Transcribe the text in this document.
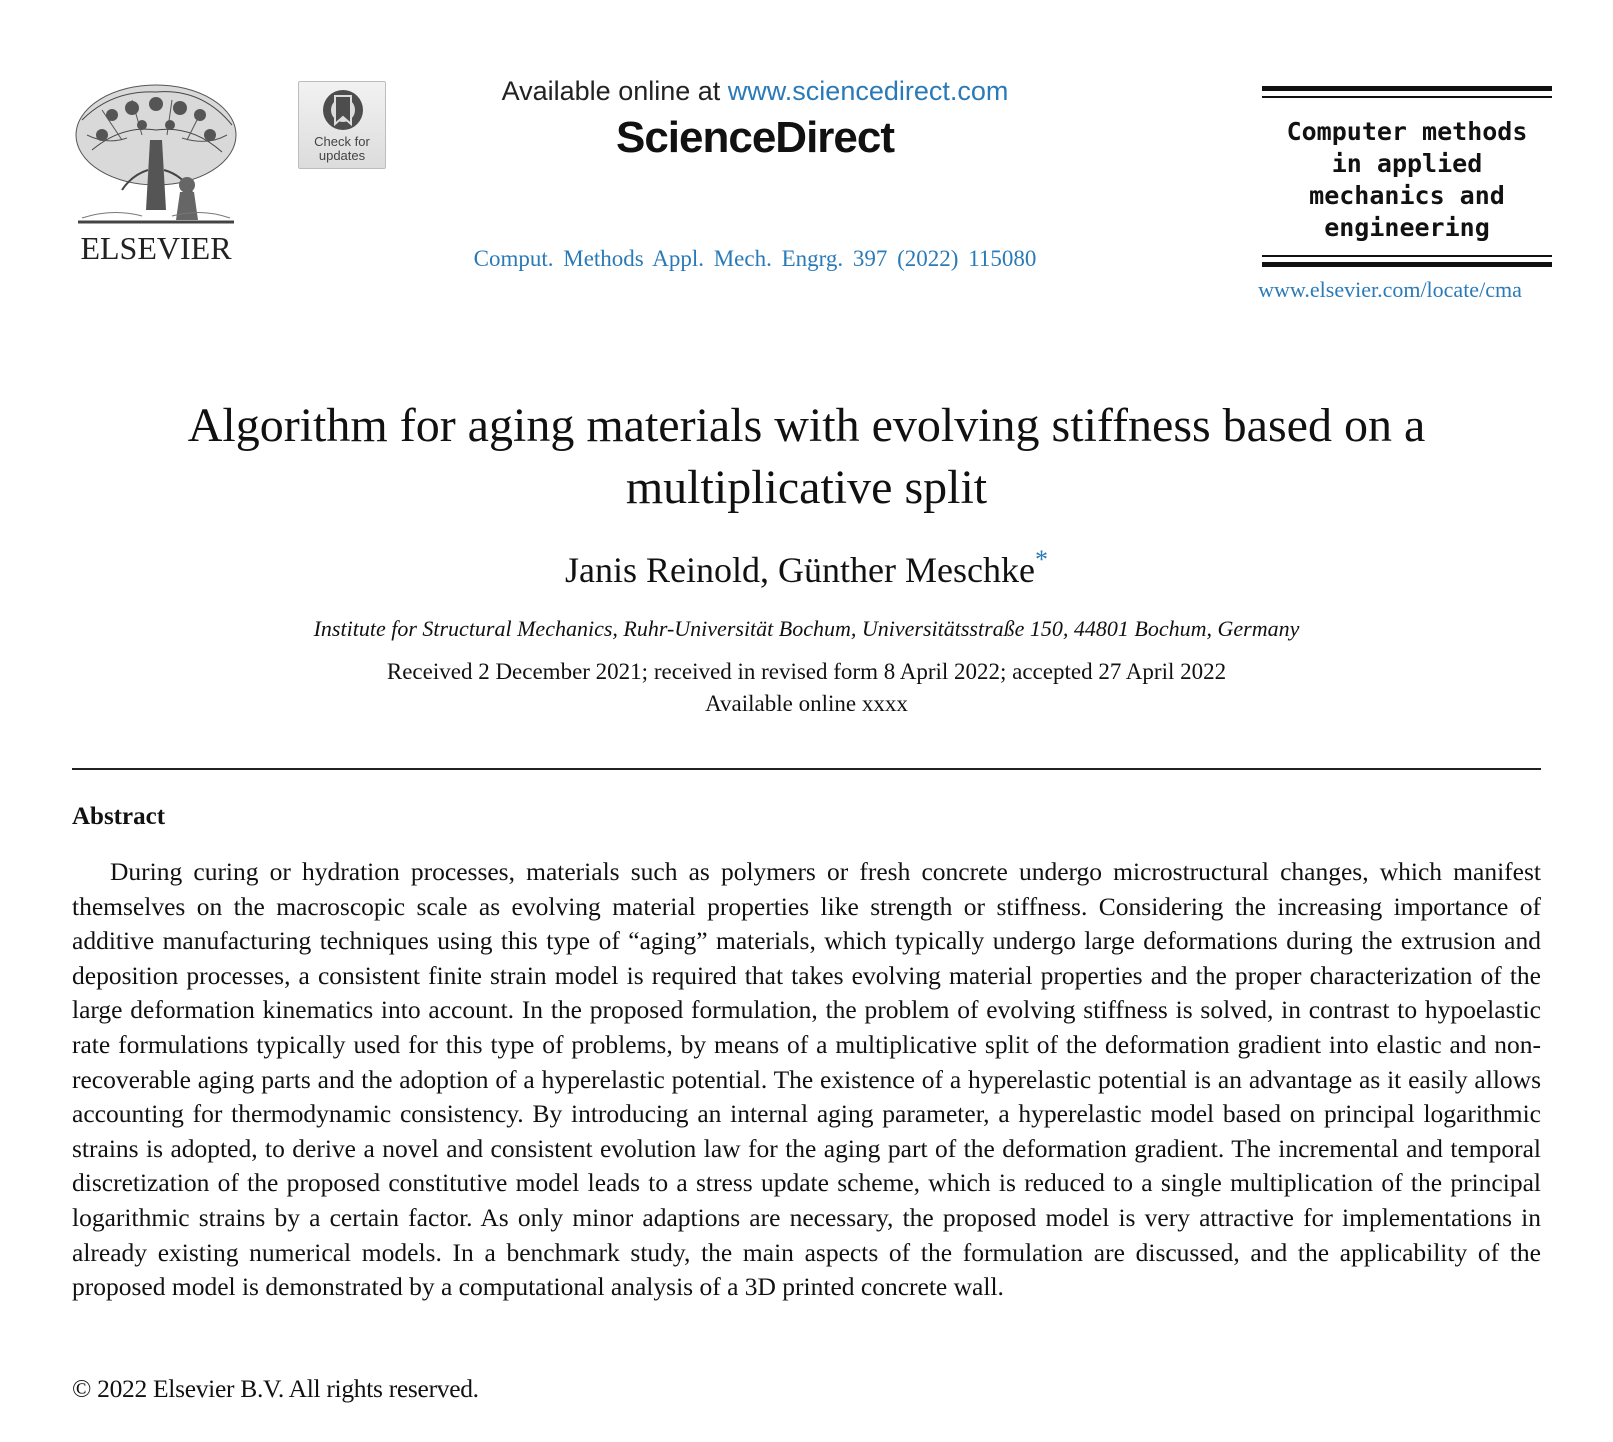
ELSEVIER
Check for updates
Available online at www.sciencedirect.com
ScienceDirect
Comput. Methods Appl. Mech. Engrg. 397 (2022) 115080
Computer methods
in applied
mechanics and
engineering
www.elsevier.com/locate/cma
Algorithm for aging materials with evolving stiffness based on a multiplicative split
Janis Reinold, Günther Meschke*
Institute for Structural Mechanics, Ruhr-Universität Bochum, Universitätsstraße 150, 44801 Bochum, Germany
Received 2 December 2021; received in revised form 8 April 2022; accepted 27 April 2022
Available online xxxx
Abstract
During curing or hydration processes, materials such as polymers or fresh concrete undergo microstructural changes, which manifest themselves on the macroscopic scale as evolving material properties like strength or stiffness. Considering the increasing importance of additive manufacturing techniques using this type of “aging” materials, which typically undergo large deformations during the extrusion and deposition processes, a consistent finite strain model is required that takes evolving material properties and the proper characterization of the large deformation kinematics into account. In the proposed formulation, the problem of evolving stiffness is solved, in contrast to hypoelastic rate formulations typically used for this type of problems, by means of a multiplicative split of the deformation gradient into elastic and non-recoverable aging parts and the adoption of a hyperelastic potential. The existence of a hyperelastic potential is an advantage as it easily allows accounting for thermodynamic consistency. By introducing an internal aging parameter, a hyperelastic model based on principal logarithmic strains is adopted, to derive a novel and consistent evolution law for the aging part of the deformation gradient. The incremental and temporal discretization of the proposed constitutive model leads to a stress update scheme, which is reduced to a single multiplication of the principal logarithmic strains by a certain factor. As only minor adaptions are necessary, the proposed model is very attractive for implementations in already existing numerical models. In a benchmark study, the main aspects of the formulation are discussed, and the applicability of the proposed model is demonstrated by a computational analysis of a 3D printed concrete wall.
© 2022 Elsevier B.V. All rights reserved.
